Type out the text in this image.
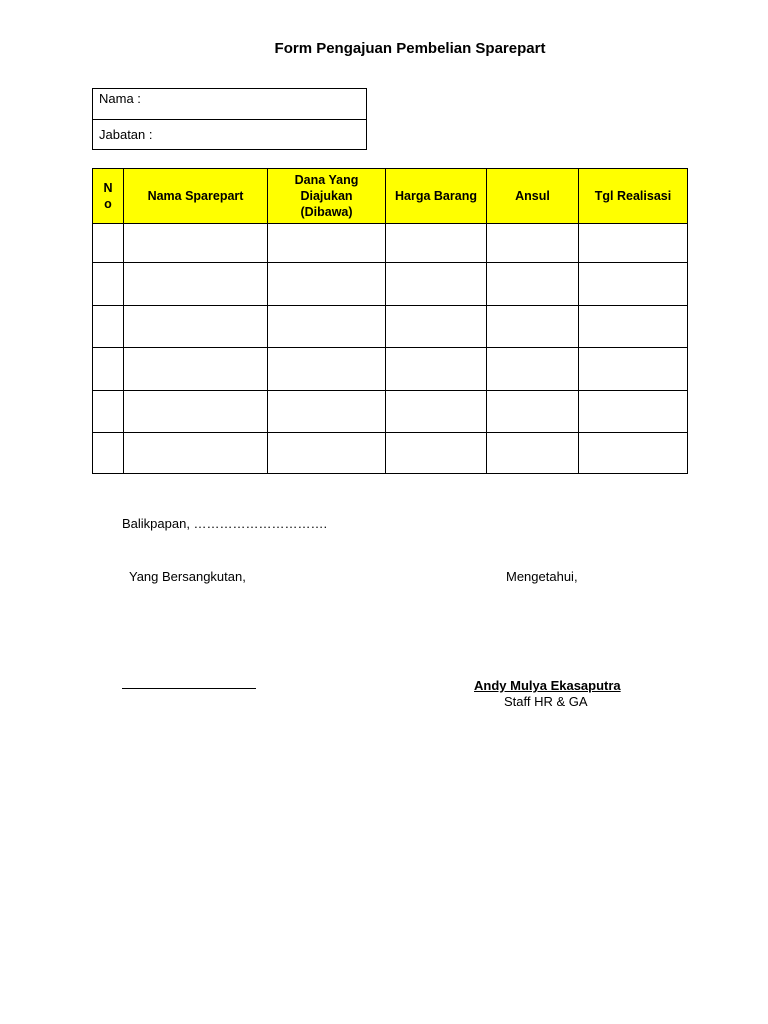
Form Pengajuan Pembelian Sparepart
Nama :
Jabatan :
N o	Nama Sparepart	Dana Yang Diajukan (Dibawa)	Harga Barang	Ansul	Tgl Realisasi

Balikpapan, ………………………….
Yang Bersangkutan,	Mengetahui,
Andy Mulya Ekasaputra
Staff HR & GA
